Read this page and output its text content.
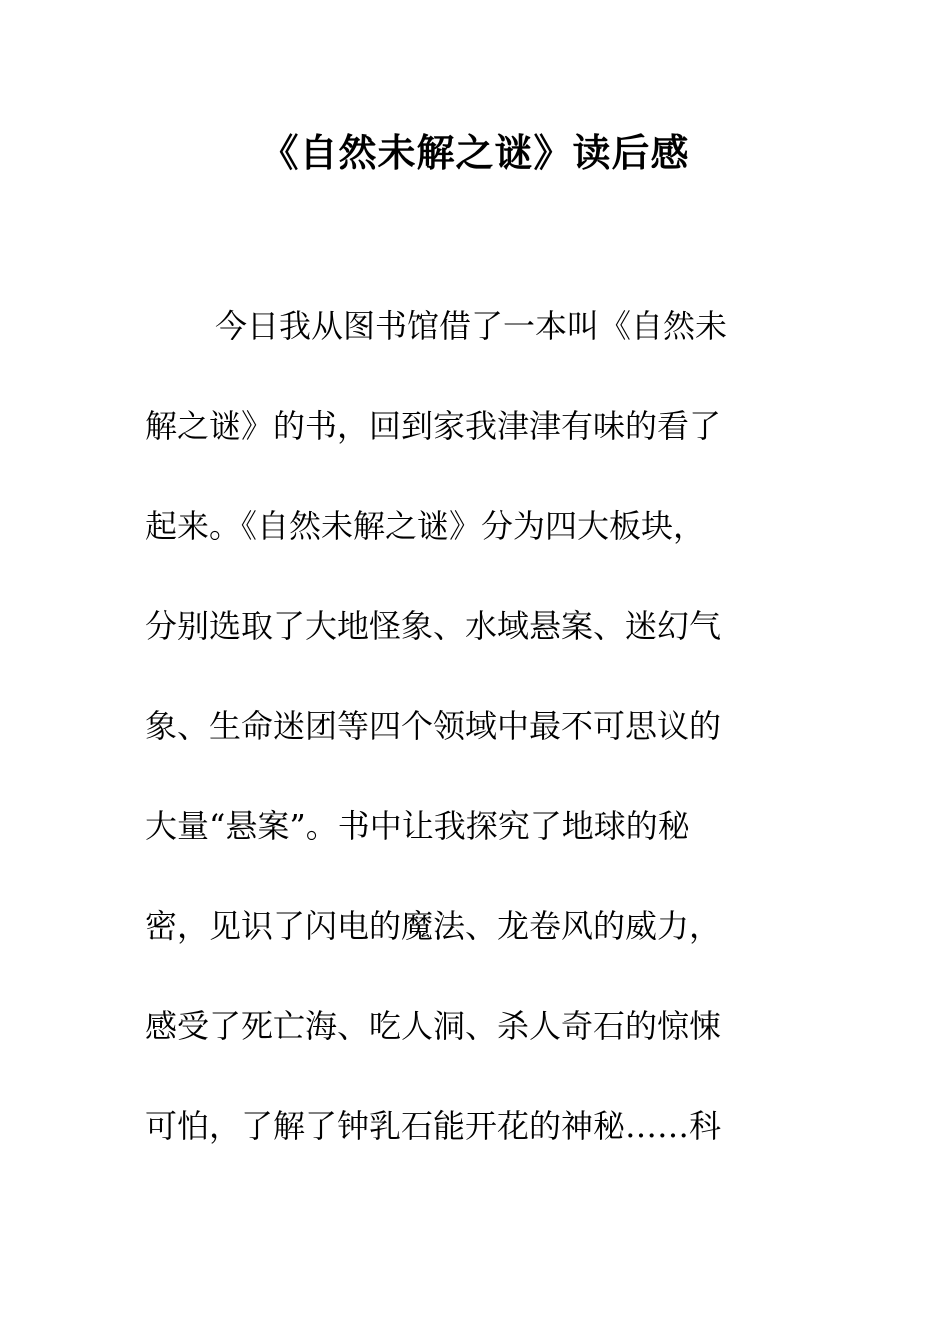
《自然未解之谜》读后感
今日我从图书馆借了一本叫《自然未
解之谜》的书，回到家我津津有味的看了
起来。《自然未解之谜》分为四大板块，
分别选取了大地怪象、水域悬案、迷幻气
象、生命迷团等四个领域中最不可思议的
大量“悬案”。书中让我探究了地球的秘
密，见识了闪电的魔法、龙卷风的威力，
感受了死亡海、吃人洞、杀人奇石的惊悚
可怕，了解了钟乳石能开花的神秘……科
